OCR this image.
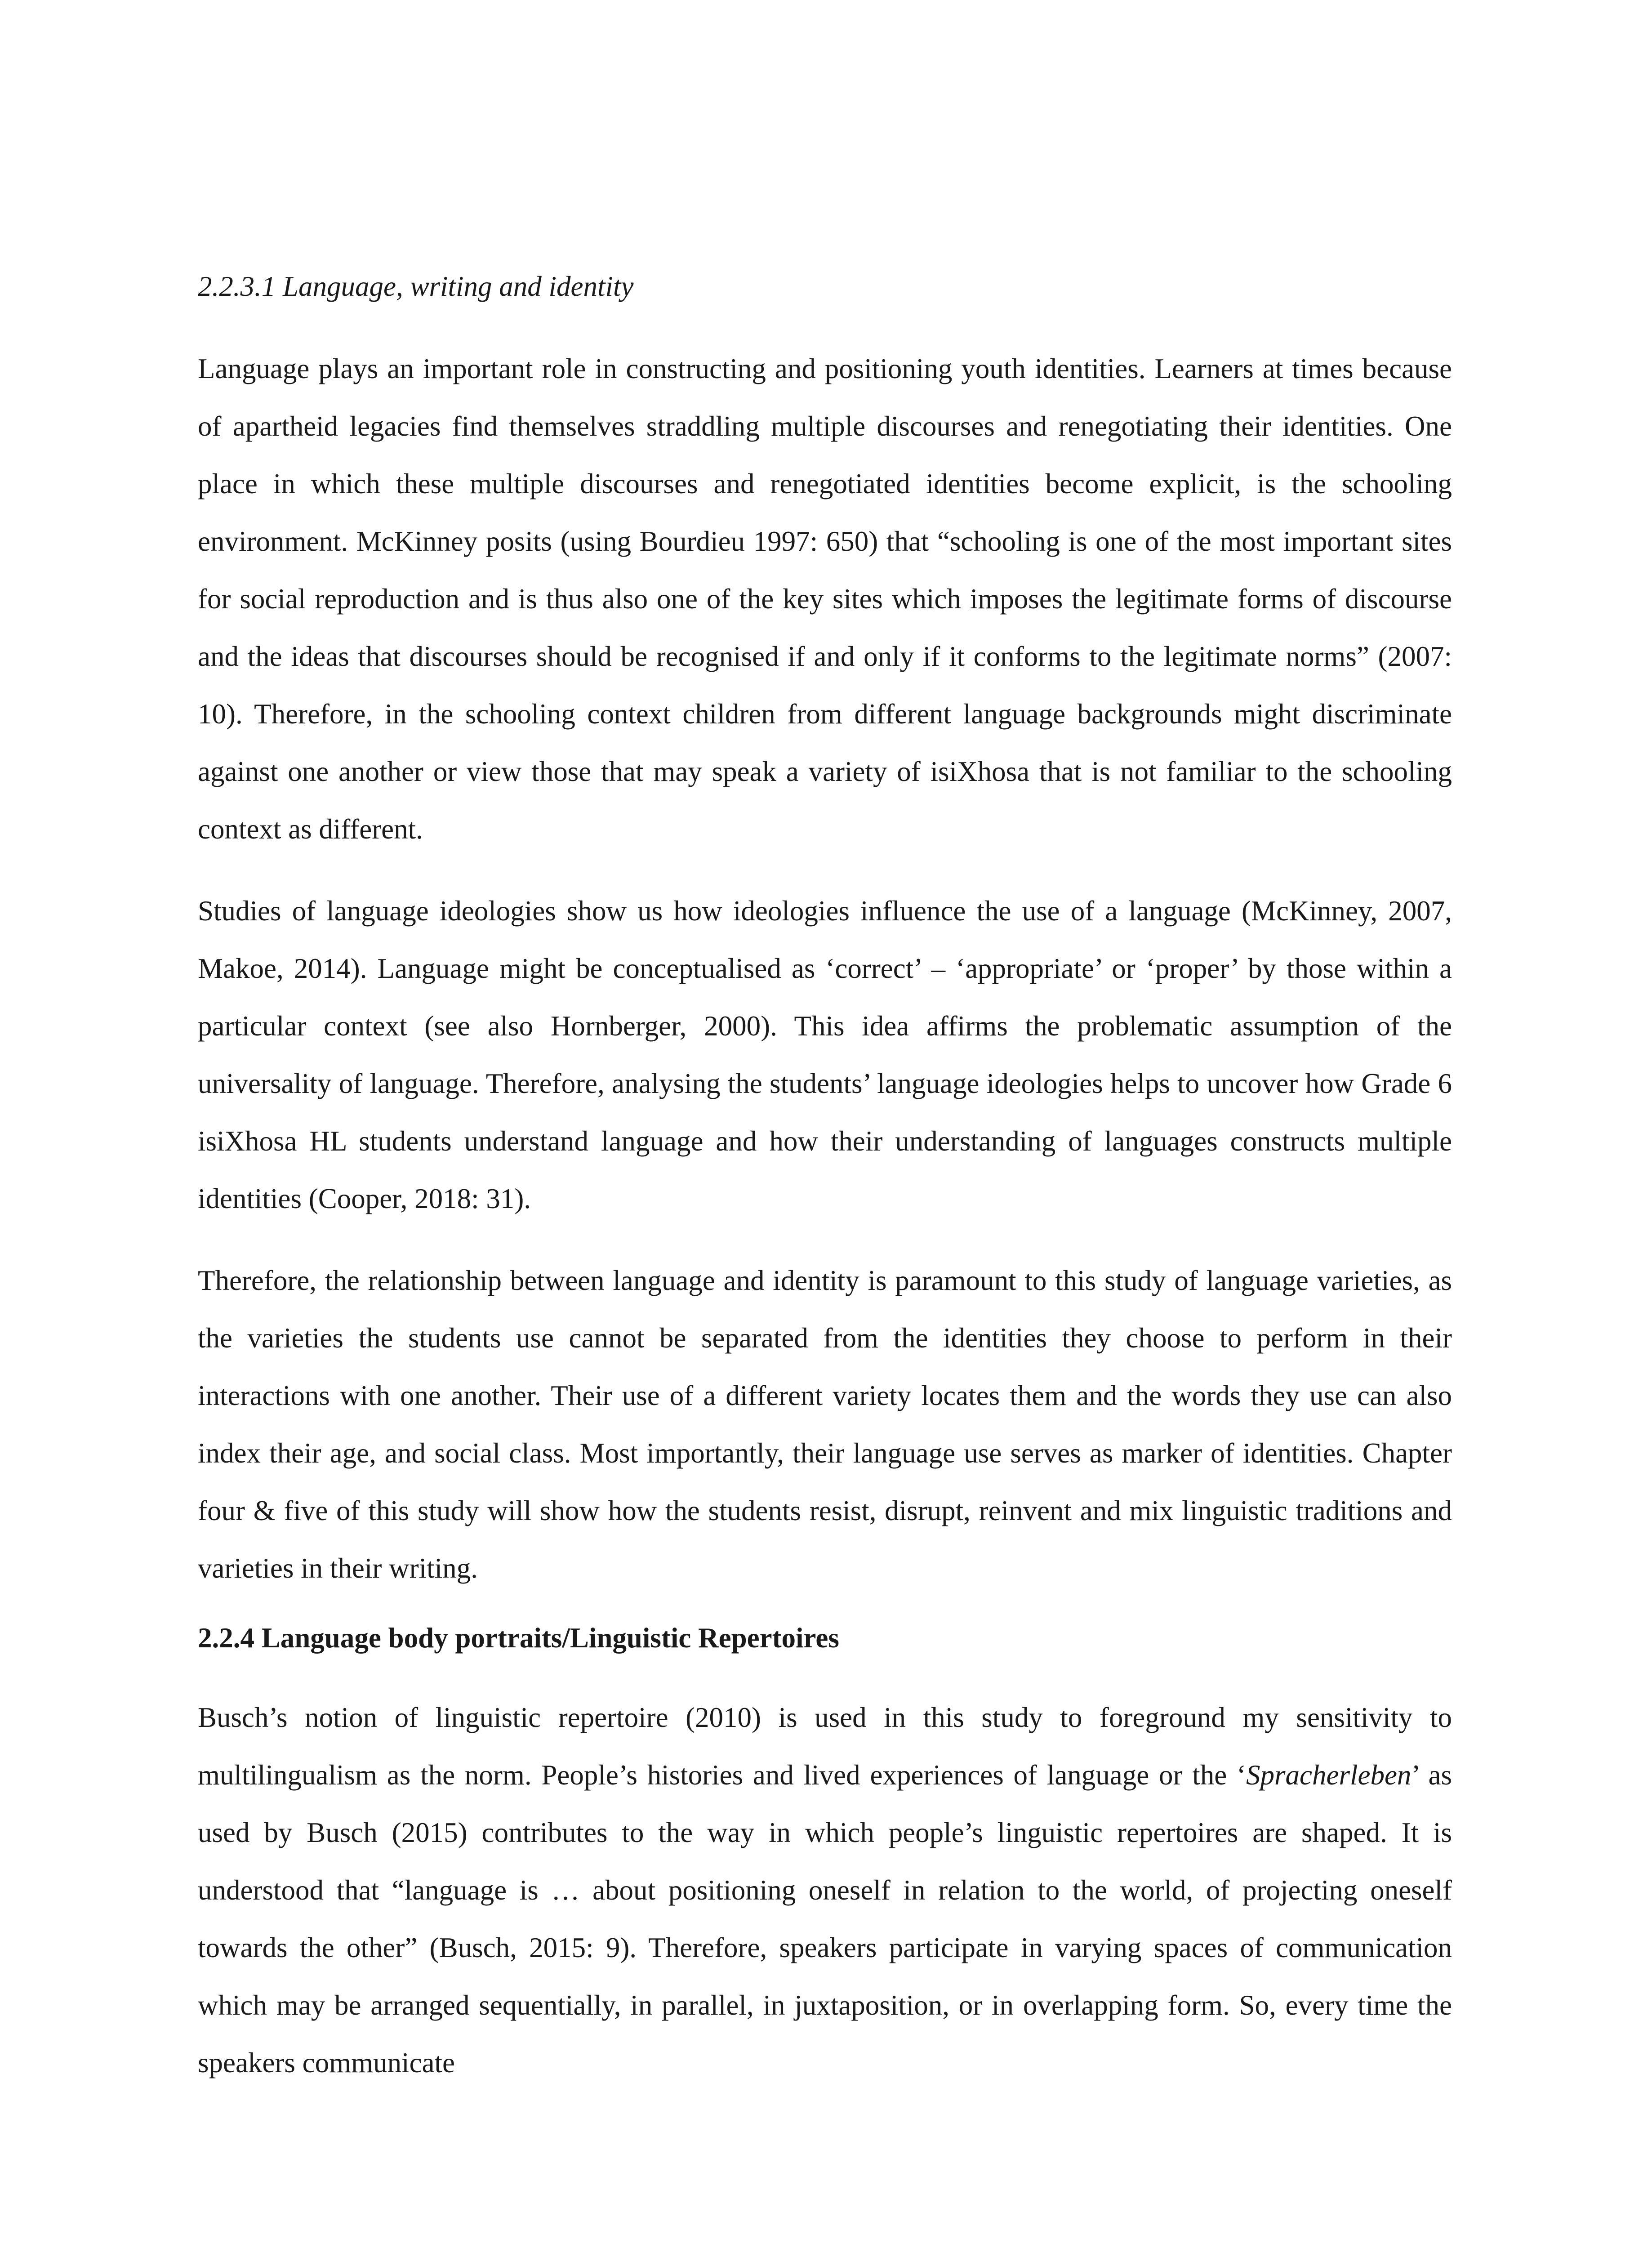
2.2.3.1 Language, writing and identity

Language plays an important role in constructing and positioning youth identities. Learners at times because of apartheid legacies find themselves straddling multiple discourses and renegotiating their identities. One place in which these multiple discourses and renegotiated identities become explicit, is the schooling environment. McKinney posits (using Bourdieu 1997: 650) that “schooling is one of the most important sites for social reproduction and is thus also one of the key sites which imposes the legitimate forms of discourse and the ideas that discourses should be recognised if and only if it conforms to the legitimate norms” (2007: 10). Therefore, in the schooling context children from different language backgrounds might discriminate against one another or view those that may speak a variety of isiXhosa that is not familiar to the schooling context as different.

Studies of language ideologies show us how ideologies influence the use of a language (McKinney, 2007, Makoe, 2014). Language might be conceptualised as ‘correct’ – ‘appropriate’ or ‘proper’ by those within a particular context (see also Hornberger, 2000). This idea affirms the problematic assumption of the universality of language. Therefore, analysing the students’ language ideologies helps to uncover how Grade 6 isiXhosa HL students understand language and how their understanding of languages constructs multiple identities (Cooper, 2018: 31).

Therefore, the relationship between language and identity is paramount to this study of language varieties, as the varieties the students use cannot be separated from the identities they choose to perform in their interactions with one another. Their use of a different variety locates them and the words they use can also index their age, and social class. Most importantly, their language use serves as marker of identities. Chapter four & five of this study will show how the students resist, disrupt, reinvent and mix linguistic traditions and varieties in their writing.

2.2.4 Language body portraits/Linguistic Repertoires

Busch’s notion of linguistic repertoire (2010) is used in this study to foreground my sensitivity to multilingualism as the norm. People’s histories and lived experiences of language or the ‘Spracherleben’ as used by Busch (2015) contributes to the way in which people’s linguistic repertoires are shaped. It is understood that “language is … about positioning oneself in relation to the world, of projecting oneself towards the other” (Busch, 2015: 9). Therefore, speakers participate in varying spaces of communication which may be arranged sequentially, in parallel, in juxtaposition, or in overlapping form. So, every time the speakers communicate
